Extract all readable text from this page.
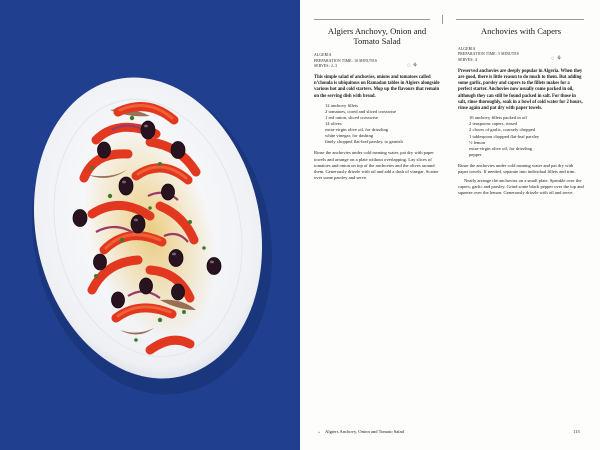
Algiers Anchovy, Onion and Tomato Salad
ALGERIA
PREPARATION TIME: 10 MINUTES
◌ ⚘
SERVES: 2–3

This simple salad of anchovies, onions and tomatoes called n’chouda is ubiquitous on Ramadan tables in Algiers alongside various hot and cold starters. Mop up the flavours that remain on the serving dish with bread.

12 anchovy fillets
2 tomatoes, cored and sliced crosswise
1 red onion, sliced crosswise
14 olives
extra-virgin olive oil, for drizzling
white vinegar, for dashing
finely chopped flat-leaf parsley, to garnish

Rinse the anchovies under cold running water, pat dry with paper towels and arrange on a plate without overlapping. Lay slices of tomatoes and onion on top of the anchovies and the olives around them. Generously drizzle with oil and add a dash of vinegar. Scatter over some parsley and serve.

Anchovies with Capers
ALGERIA
PREPARATION TIME: 5 MINUTES
◌ ⚘
SERVES: 4

Preserved anchovies are deeply popular in Algeria. When they are good, there is little reason to do much to them. But adding some garlic, parsley and capers to the fillets makes for a perfect starter. Anchovies now usually come packed in oil, although they can still be found packed in salt. For those in salt, rinse thoroughly, soak in a bowl of cold water for 2 hours, rinse again and pat dry with paper towels.

16 anchovy fillets packed in oil
2 teaspoons capers, rinsed
2 cloves of garlic, coarsely chopped
1 tablespoon chopped flat-leaf parsley
½ lemon
extra-virgin olive oil, for drizzling
pepper

Rinse the anchovies under cold running water and pat dry with paper towels. If needed, separate into individual fillets and trim.

Neatly arrange the anchovies on a small plate. Sprinkle over the capers, garlic and parsley. Grind some black pepper over the top and squeeze over the lemon. Generously drizzle with oil and serve.

→ Algiers Anchovy, Onion and Tomato Salad	113
